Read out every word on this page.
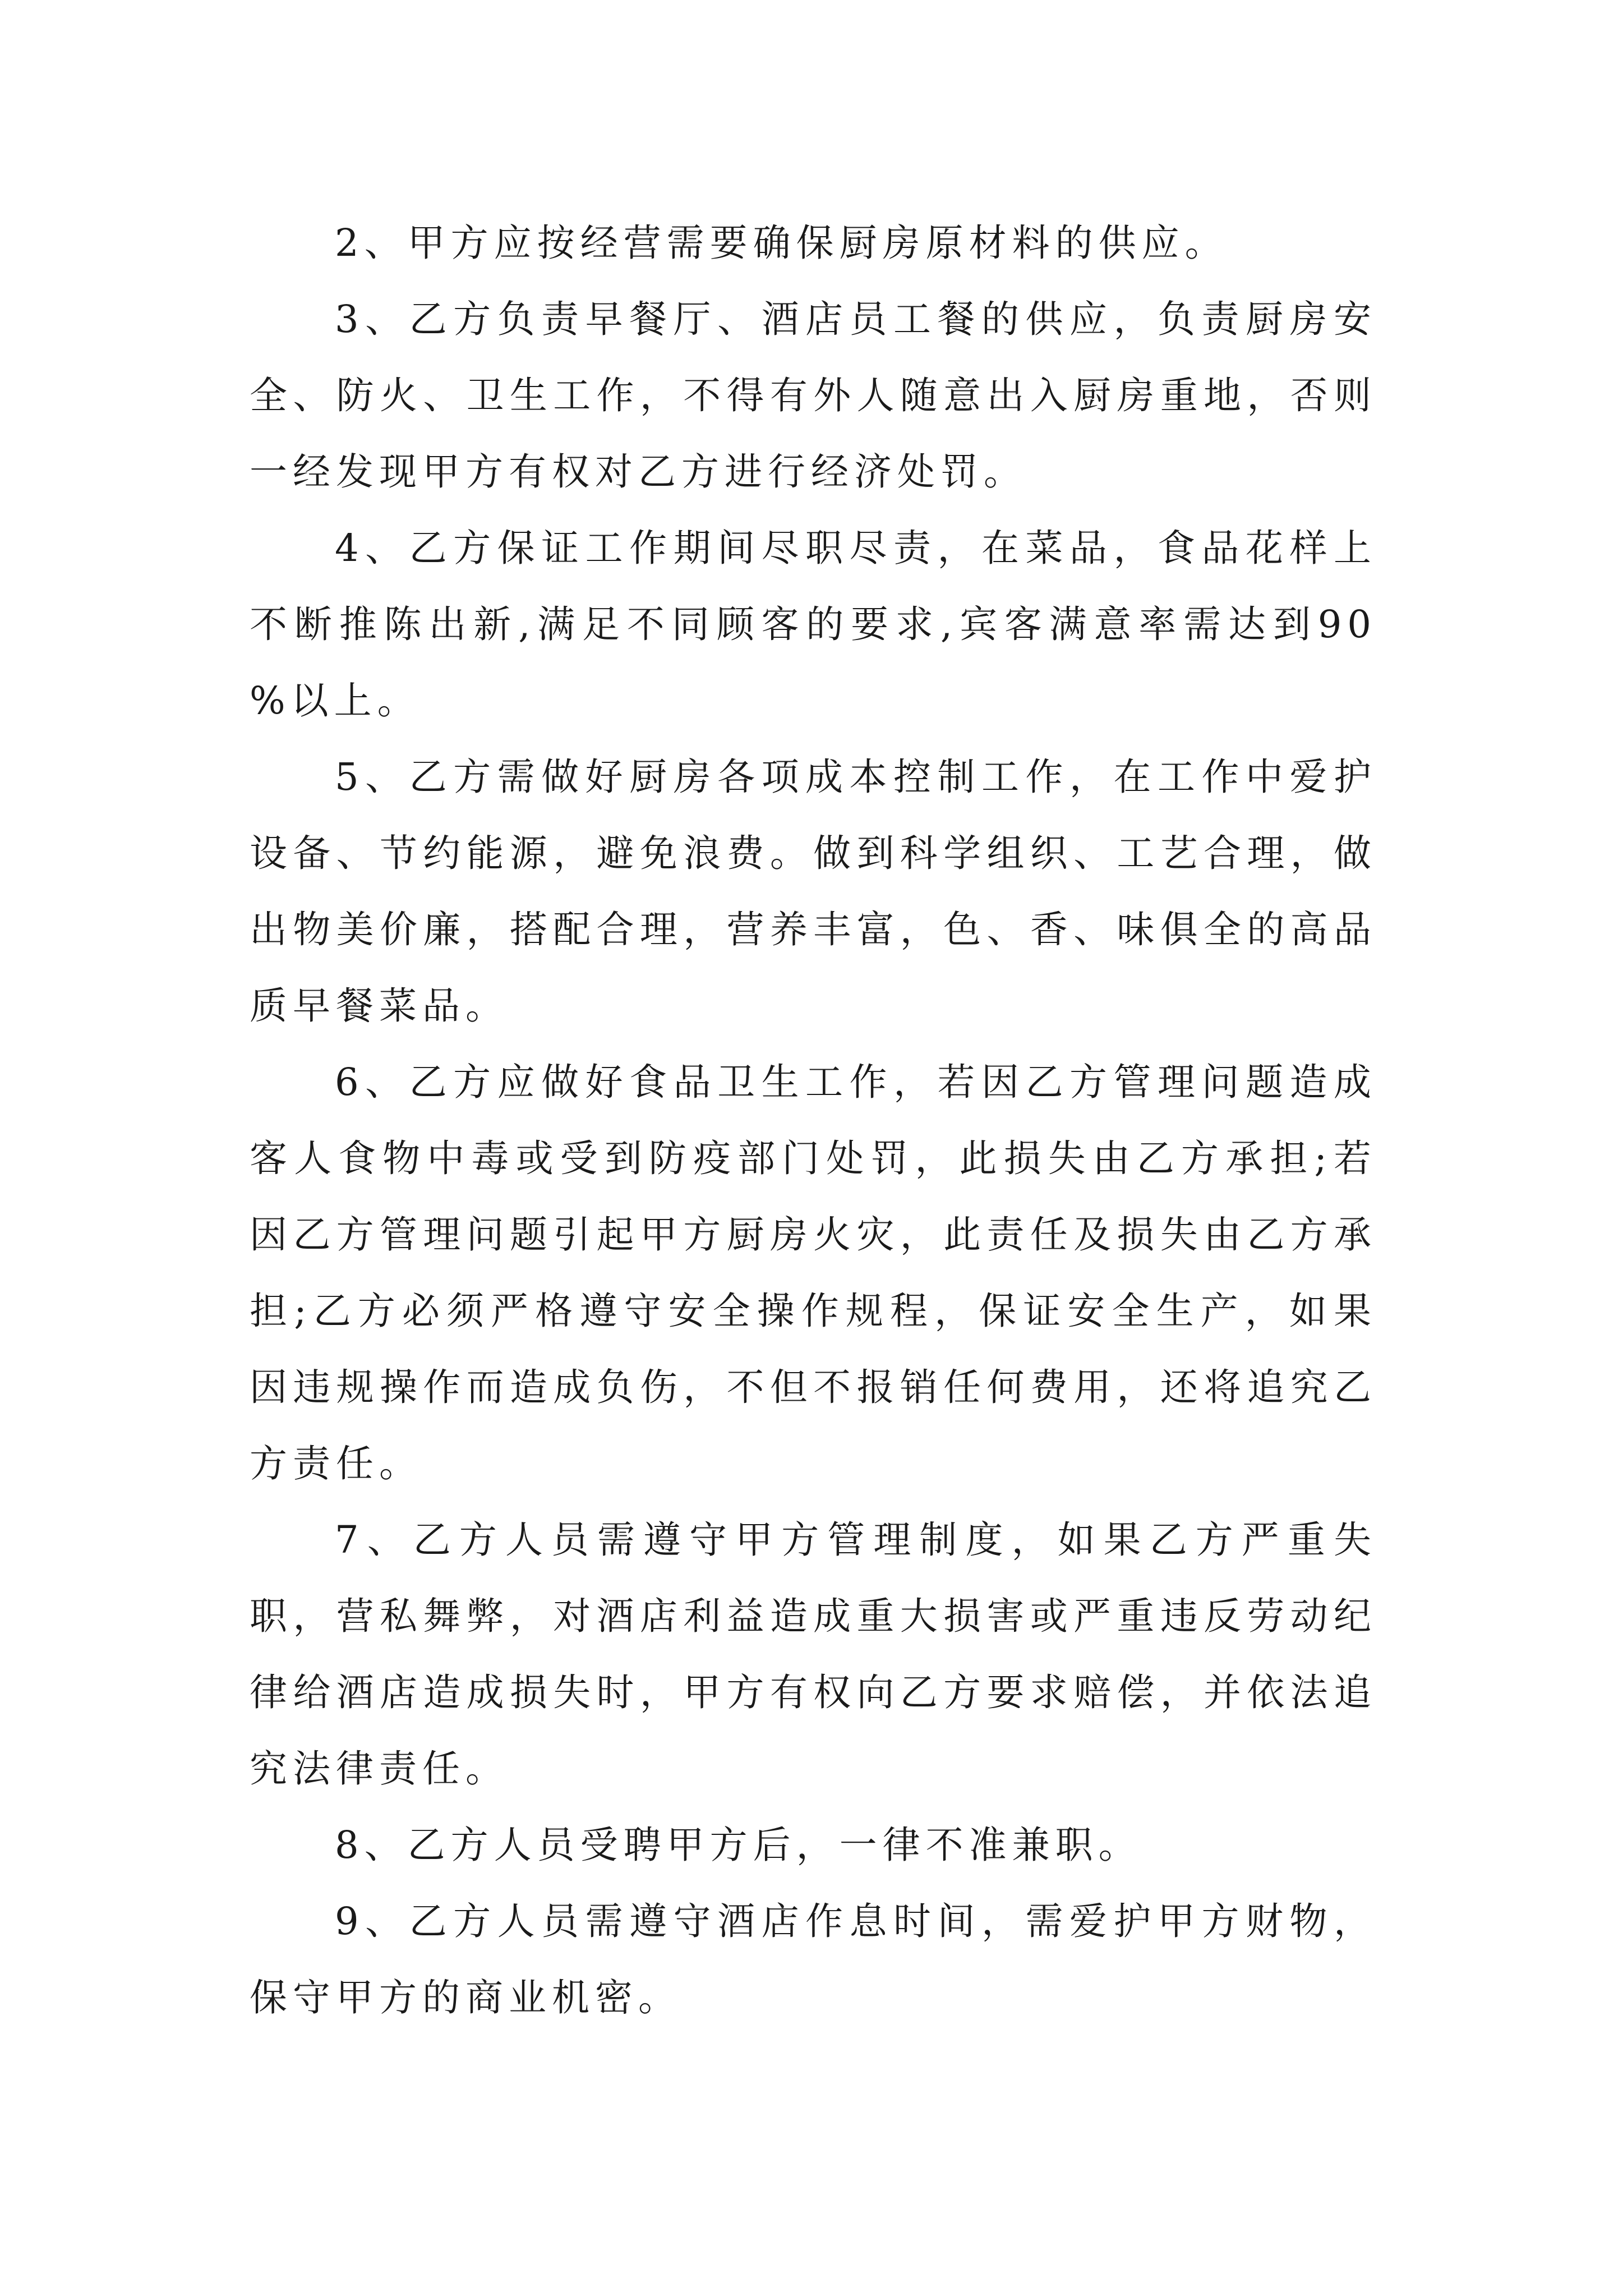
2、甲方应按经营需要确保厨房原材料的供应。

3、乙方负责早餐厅、酒店员工餐的供应，负责厨房安全、防火、卫生工作，不得有外人随意出入厨房重地，否则一经发现甲方有权对乙方进行经济处罚。

4、乙方保证工作期间尽职尽责，在菜品，食品花样上不断推陈出新,满足不同顾客的要求,宾客满意率需达到90 %以上。

5、乙方需做好厨房各项成本控制工作，在工作中爱护设备、节约能源，避免浪费。做到科学组织、工艺合理，做出物美价廉，搭配合理，营养丰富，色、香、味俱全的高品质早餐菜品。

6、乙方应做好食品卫生工作，若因乙方管理问题造成客人食物中毒或受到防疫部门处罚，此损失由乙方承担;若因乙方管理问题引起甲方厨房火灾，此责任及损失由乙方承担;乙方必须严格遵守安全操作规程，保证安全生产，如果因违规操作而造成负伤，不但不报销任何费用，还将追究乙方责任。

7、乙方人员需遵守甲方管理制度，如果乙方严重失职，营私舞弊，对酒店利益造成重大损害或严重违反劳动纪律给酒店造成损失时，甲方有权向乙方要求赔偿，并依法追究法律责任。

8、乙方人员受聘甲方后，一律不准兼职。

9、乙方人员需遵守酒店作息时间，需爱护甲方财物，保守甲方的商业机密。
